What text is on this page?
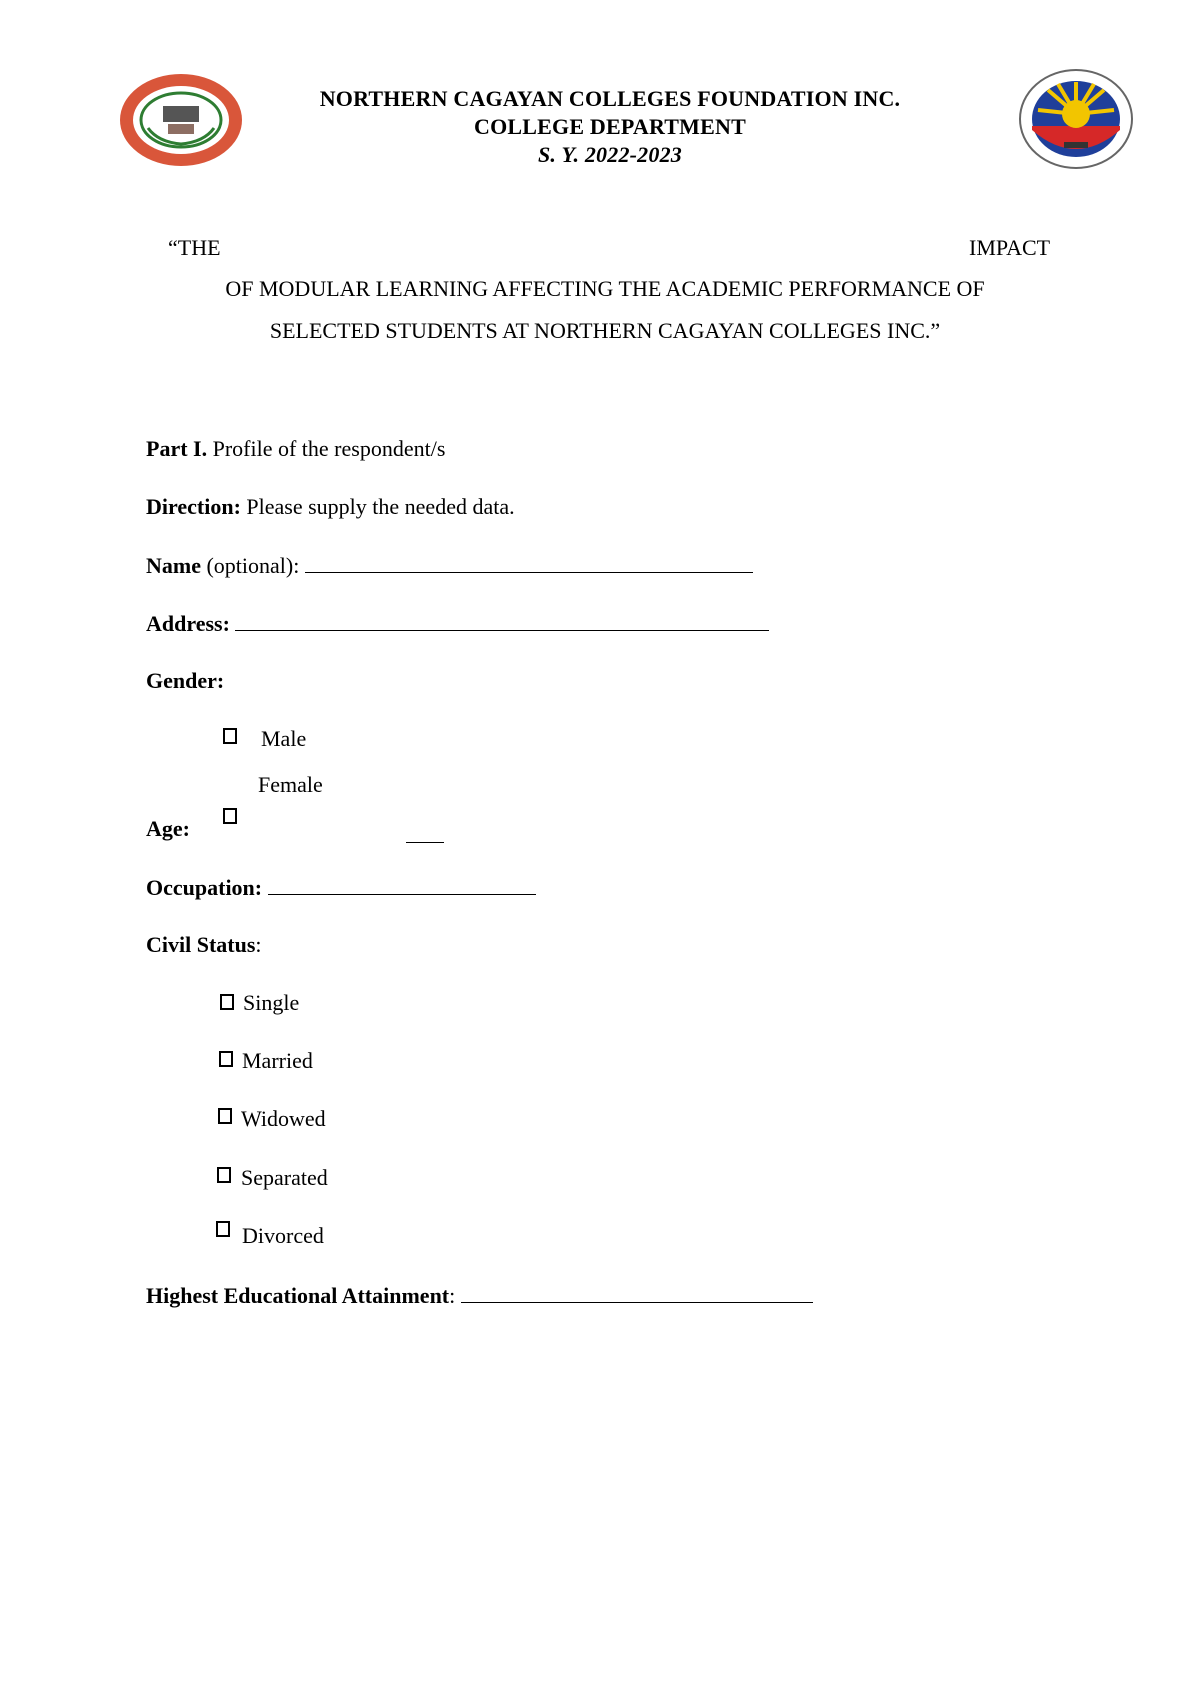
NORTHERN CAGAYAN COLLEGES FOUNDATION INC.
COLLEGE DEPARTMENT
S. Y. 2022-2023
“THE	IMPACT
OF MODULAR LEARNING AFFECTING THE ACADEMIC PERFORMANCE OF
SELECTED STUDENTS AT NORTHERN CAGAYAN COLLEGES INC.”
Part I. Profile of the respondent/s
Direction: Please supply the needed data.
Name (optional):
Address:
Gender:
Male
Female
Age:
Occupation:
Civil Status:
Single
Married
Widowed
Separated
Divorced
Highest Educational Attainment:
